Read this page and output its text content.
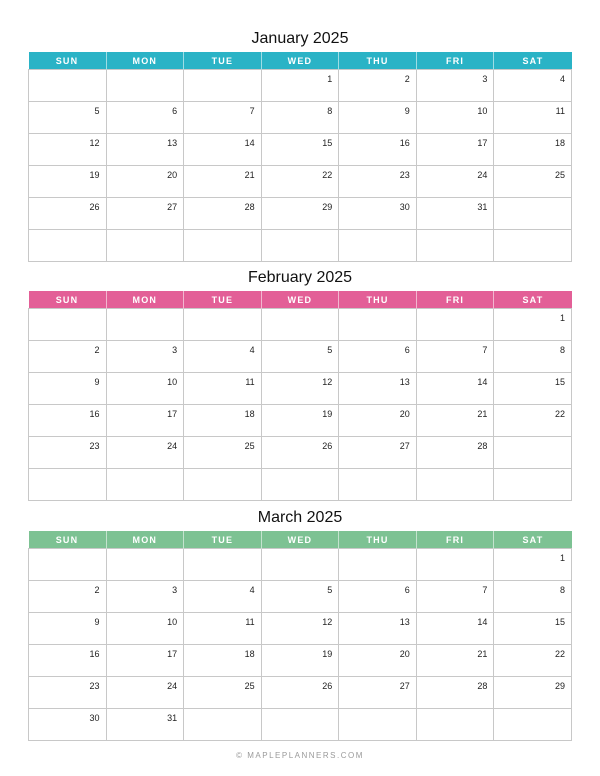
January 2025
SUN	MON	TUE	WED	THU	FRI	SAT

			1	2	3	4

5	6	7	8	9	10	11

12	13	14	15	16	17	18

19	20	21	22	23	24	25

26	27	28	29	30	31	

February 2025
SUN	MON	TUE	WED	THU	FRI	SAT

						1

2	3	4	5	6	7	8

9	10	11	12	13	14	15

16	17	18	19	20	21	22

23	24	25	26	27	28	

March 2025
SUN	MON	TUE	WED	THU	FRI	SAT

						1

2	3	4	5	6	7	8

9	10	11	12	13	14	15

16	17	18	19	20	21	22

23	24	25	26	27	28	29

30	31					

© MAPLEPLANNERS.COM
